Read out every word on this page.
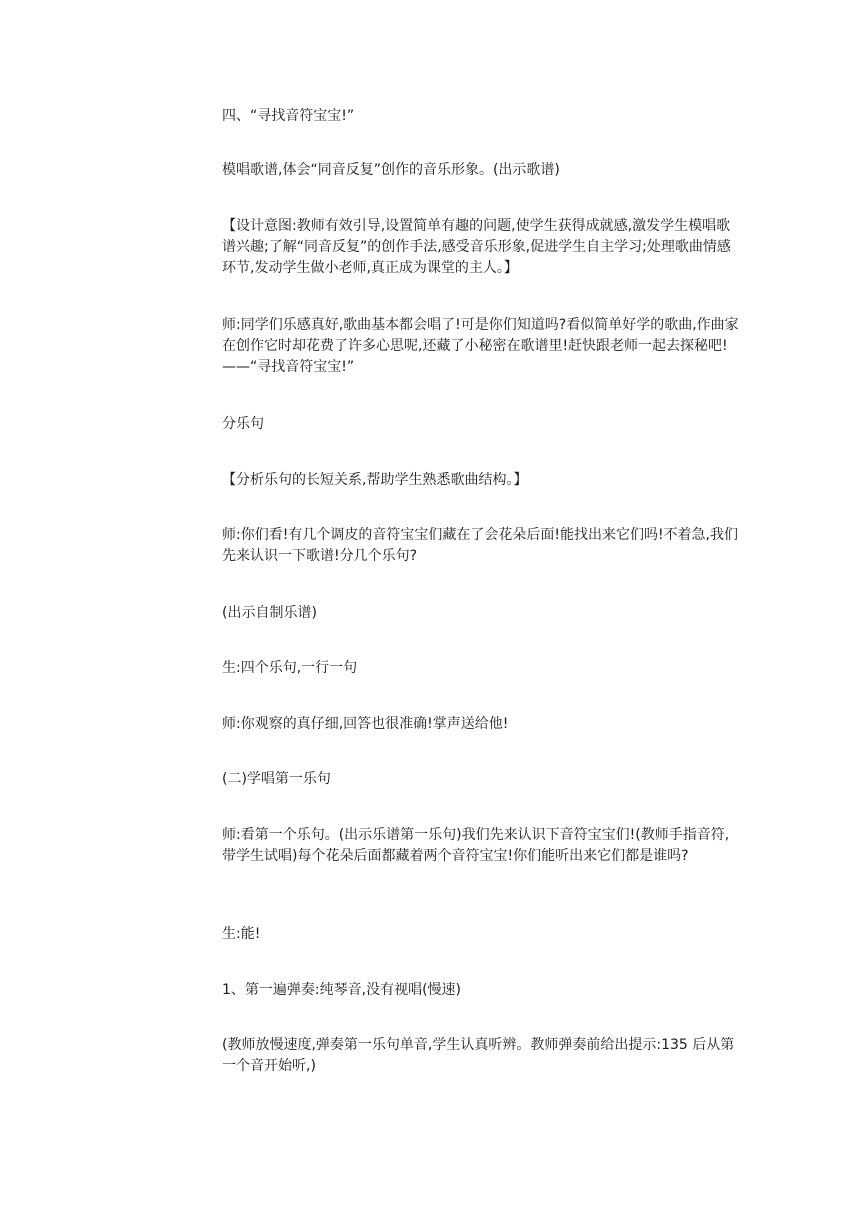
四、“寻找音符宝宝!”

模唱歌谱,体会“同音反复”创作的音乐形象。(出示歌谱)

【设计意图:教师有效引导,设置简单有趣的问题,使学生获得成就感,激发学生模唱歌谱兴趣;了解“同音反复”的创作手法,感受音乐形象,促进学生自主学习;处理歌曲情感环节,发动学生做小老师,真正成为课堂的主人。】

师:同学们乐感真好,歌曲基本都会唱了!可是你们知道吗?看似简单好学的歌曲,作曲家在创作它时却花费了许多心思呢,还藏了小秘密在歌谱里!赶快跟老师一起去探秘吧!——“寻找音符宝宝!”

分乐句

【分析乐句的长短关系,帮助学生熟悉歌曲结构。】

师:你们看!有几个调皮的音符宝宝们藏在了会花朵后面!能找出来它们吗!不着急,我们先来认识一下歌谱!分几个乐句?

(出示自制乐谱)

生:四个乐句,一行一句

师:你观察的真仔细,回答也很准确!掌声送给他!

(二)学唱第一乐句

师:看第一个乐句。(出示乐谱第一乐句)我们先来认识下音符宝宝们!(教师手指音符,带学生试唱)每个花朵后面都藏着两个音符宝宝!你们能听出来它们都是谁吗?

生:能!

1、第一遍弹奏:纯琴音,没有视唱(慢速)

(教师放慢速度,弹奏第一乐句单音,学生认真听辨。教师弹奏前给出提示:135 后从第一个音开始听,)
